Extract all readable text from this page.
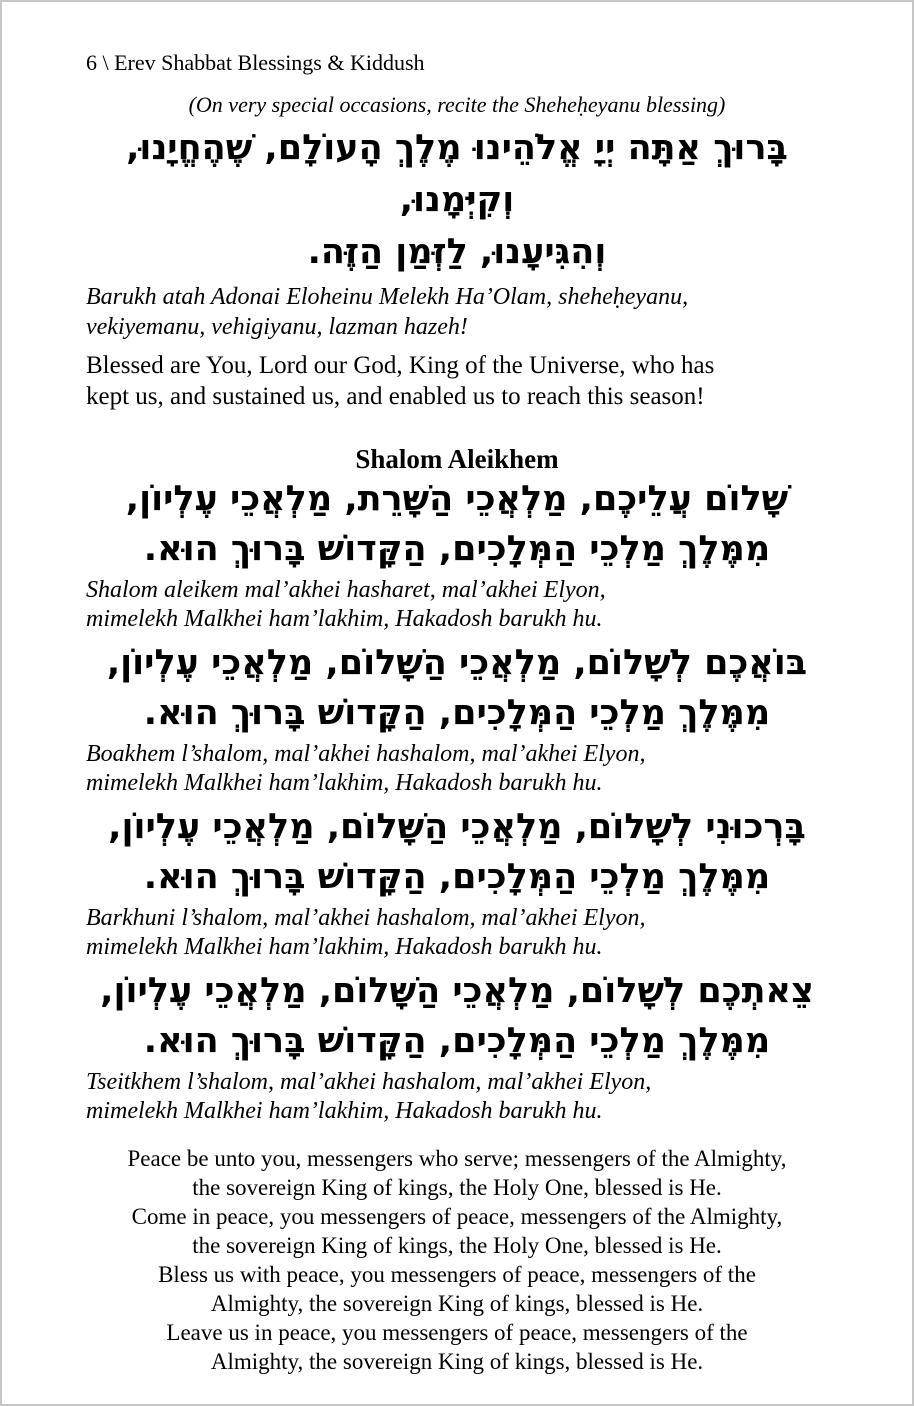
6 \ Erev Shabbat Blessings & Kiddush
(On very special occasions, recite the Sheheḥeyanu blessing)
בָּרוּךְ אַתָּה יְיָ אֱלֹהֵינוּ מֶלֶךְ הָעוֹלָם, שֶׁהֶחֱיָנוּ, וְקִיְּמָנוּ,
וְהִגִּיעָנוּ, לַזְּמַן הַזֶּה.
Barukh atah Adonai Eloheinu Melekh Ha’Olam, sheheḥeyanu,
vekiyemanu, vehigiyanu, lazman hazeh!
Blessed are You, Lord our God, King of the Universe, who has
kept us, and sustained us, and enabled us to reach this season!
Shalom Aleikhem
שָׁלוֹם עֲלֵיכֶם, מַלְאֲכֵי הַשָּׁרֵת, מַלְאֲכֵי עֶלְיוֹן,
מִמֶּלֶךְ מַלְכֵי הַמְּלָכִים, הַקָּדוֹשׁ בָּרוּךְ הוּא.
Shalom aleikem mal’akhei hasharet, mal’akhei Elyon,
mimelekh Malkhei ham’lakhim, Hakadosh barukh hu.
בּוֹאֲכֶם לְשָׁלוֹם, מַלְאֲכֵי הַשָּׁלוֹם, מַלְאֲכֵי עֶלְיוֹן,
מִמֶּלֶךְ מַלְכֵי הַמְּלָכִים, הַקָּדוֹשׁ בָּרוּךְ הוּא.
Boakhem l’shalom, mal’akhei hashalom, mal’akhei Elyon,
mimelekh Malkhei ham’lakhim, Hakadosh barukh hu.
בָּרְכוּנִי לְשָׁלוֹם, מַלְאֲכֵי הַשָּׁלוֹם, מַלְאֲכֵי עֶלְיוֹן,
מִמֶּלֶךְ מַלְכֵי הַמְּלָכִים, הַקָּדוֹשׁ בָּרוּךְ הוּא.
Barkhuni l’shalom, mal’akhei hashalom, mal’akhei Elyon,
mimelekh Malkhei ham’lakhim, Hakadosh barukh hu.
צֵאתְכֶם לְשָׁלוֹם, מַלְאֲכֵי הַשָּׁלוֹם, מַלְאֲכֵי עֶלְיוֹן,
מִמֶּלֶךְ מַלְכֵי הַמְּלָכִים, הַקָּדוֹשׁ בָּרוּךְ הוּא.
Tseitkhem l’shalom, mal’akhei hashalom, mal’akhei Elyon,
mimelekh Malkhei ham’lakhim, Hakadosh barukh hu.
Peace be unto you, messengers who serve; messengers of the Almighty,
the sovereign King of kings, the Holy One, blessed is He.
Come in peace, you messengers of peace, messengers of the Almighty,
the sovereign King of kings, the Holy One, blessed is He.
Bless us with peace, you messengers of peace, messengers of the
Almighty, the sovereign King of kings, blessed is He.
Leave us in peace, you messengers of peace, messengers of the
Almighty, the sovereign King of kings, blessed is He.
